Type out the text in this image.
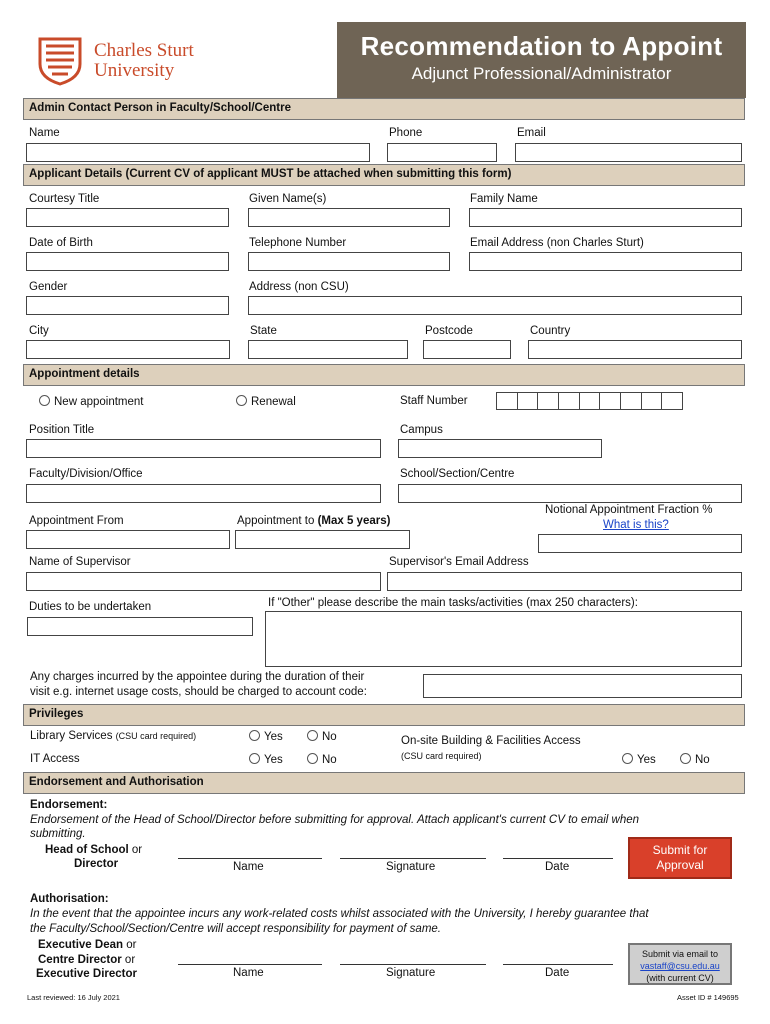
Charles Sturt
University
Recommendation to Appoint
Adjunct Professional/Administrator
Admin Contact Person in Faculty/School/Centre
Name	Phone	Email
Applicant Details (Current CV of applicant MUST be attached when submitting this form)
Courtesy Title	Given Name(s)	Family Name
Date of Birth	Telephone Number	Email Address (non Charles Sturt)
Gender	Address (non CSU)
City	State	Postcode	Country
Appointment details
New appointment	Renewal	Staff Number
Position Title	Campus
Faculty/Division/Office	School/Section/Centre
Notional Appointment Fraction %
What is this?
Appointment From	Appointment to (Max 5 years)
Name of Supervisor	Supervisor's Email Address
If "Other" please describe the main tasks/activities (max 250 characters):
Duties to be undertaken
Any charges incurred by the appointee during the duration of their
visit e.g. internet usage costs, should be charged to account code:
Privileges
Library Services (CSU card required)	Yes	No	On-site Building & Facilities Access
(CSU card required)
IT Access	Yes	No	Yes	No
Endorsement and Authorisation
Endorsement:
Endorsement of the Head of School/Director before submitting for approval. Attach applicant's current CV to email when
submitting.
Head of School or
Director	Name	Signature	Date
Submit for Approval
Authorisation:
In the event that the appointee incurs any work-related costs whilst associated with the University, I hereby guarantee that
the Faculty/School/Section/Centre will accept responsibility for payment of same.
Executive Dean or
Centre Director or
Executive Director	Name	Signature	Date
Submit via email to
vastaff@csu.edu.au
(with current CV)
Last reviewed: 16 July 2021	Asset ID # 149695
